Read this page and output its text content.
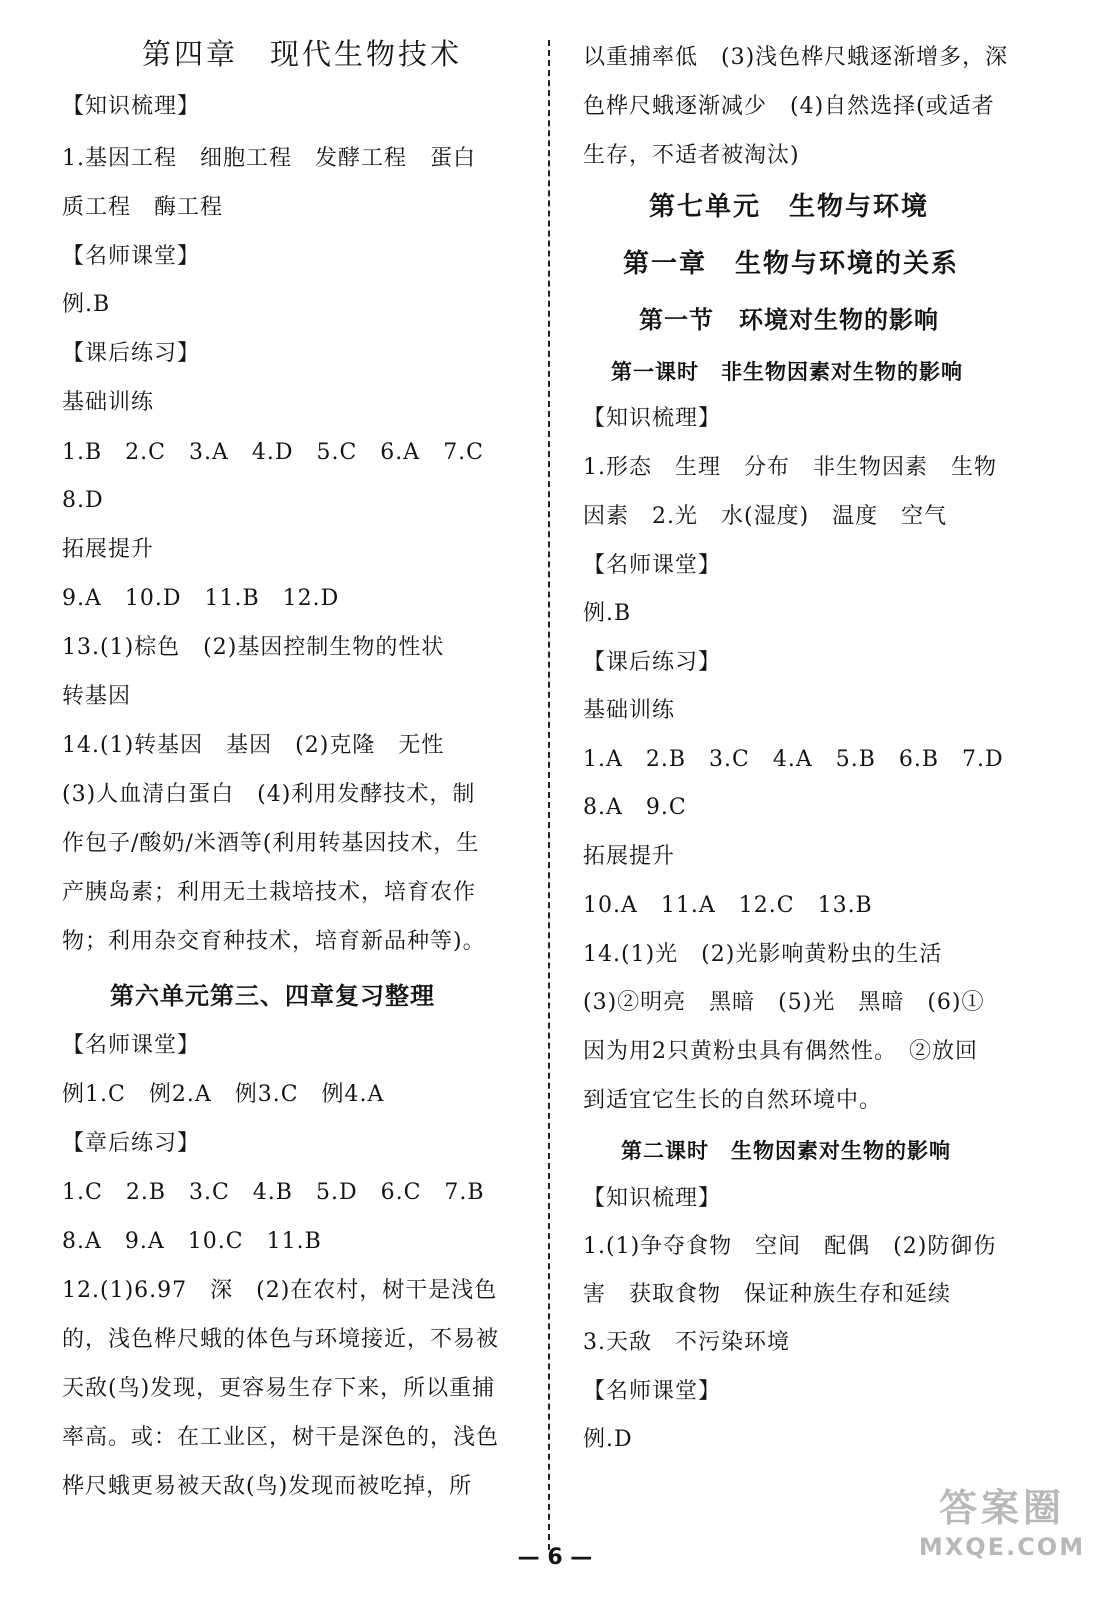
第四章　现代生物技术
【知识梳理】
1.基因工程　细胞工程　发酵工程　蛋白
质工程　酶工程
【名师课堂】
例.B
【课后练习】
基础训练
1.B　2.C　3.A　4.D　5.C　6.A　7.C
8.D
拓展提升
9.A　10.D　11.B　12.D
13.(1)棕色　(2)基因控制生物的性状
转基因
14.(1)转基因　基因　(2)克隆　无性
(3)人血清白蛋白　(4)利用发酵技术，制
作包子/酸奶/米酒等(利用转基因技术，生
产胰岛素；利用无土栽培技术，培育农作
物；利用杂交育种技术，培育新品种等)。
第六单元第三、四章复习整理
【名师课堂】
例1.C　例2.A　例3.C　例4.A
【章后练习】
1.C　2.B　3.C　4.B　5.D　6.C　7.B
8.A　9.A　10.C　11.B
12.(1)6.97　深　(2)在农村，树干是浅色
的，浅色桦尺蛾的体色与环境接近，不易被
天敌(鸟)发现，更容易生存下来，所以重捕
率高。或：在工业区，树干是深色的，浅色
桦尺蛾更易被天敌(鸟)发现而被吃掉，所
以重捕率低　(3)浅色桦尺蛾逐渐增多，深
色桦尺蛾逐渐减少　(4)自然选择(或适者
生存，不适者被淘汰)
第七单元　生物与环境
第一章　生物与环境的关系
第一节　环境对生物的影响
第一课时　非生物因素对生物的影响
【知识梳理】
1.形态　生理　分布　非生物因素　生物
因素　2.光　水(湿度)　温度　空气
【名师课堂】
例.B
【课后练习】
基础训练
1.A　2.B　3.C　4.A　5.B　6.B　7.D
8.A　9.C
拓展提升
10.A　11.A　12.C　13.B
14.(1)光　(2)光影响黄粉虫的生活
(3)②明亮　黑暗　(5)光　黑暗　(6)①
因为用2只黄粉虫具有偶然性。　②放回
到适宜它生长的自然环境中。
第二课时　生物因素对生物的影响
【知识梳理】
1.(1)争夺食物　空间　配偶　(2)防御伤
害　获取食物　保证种族生存和延续
3.天敌　不污染环境
【名师课堂】
例.D
— 6 —
答案圈
MXQE.COM
